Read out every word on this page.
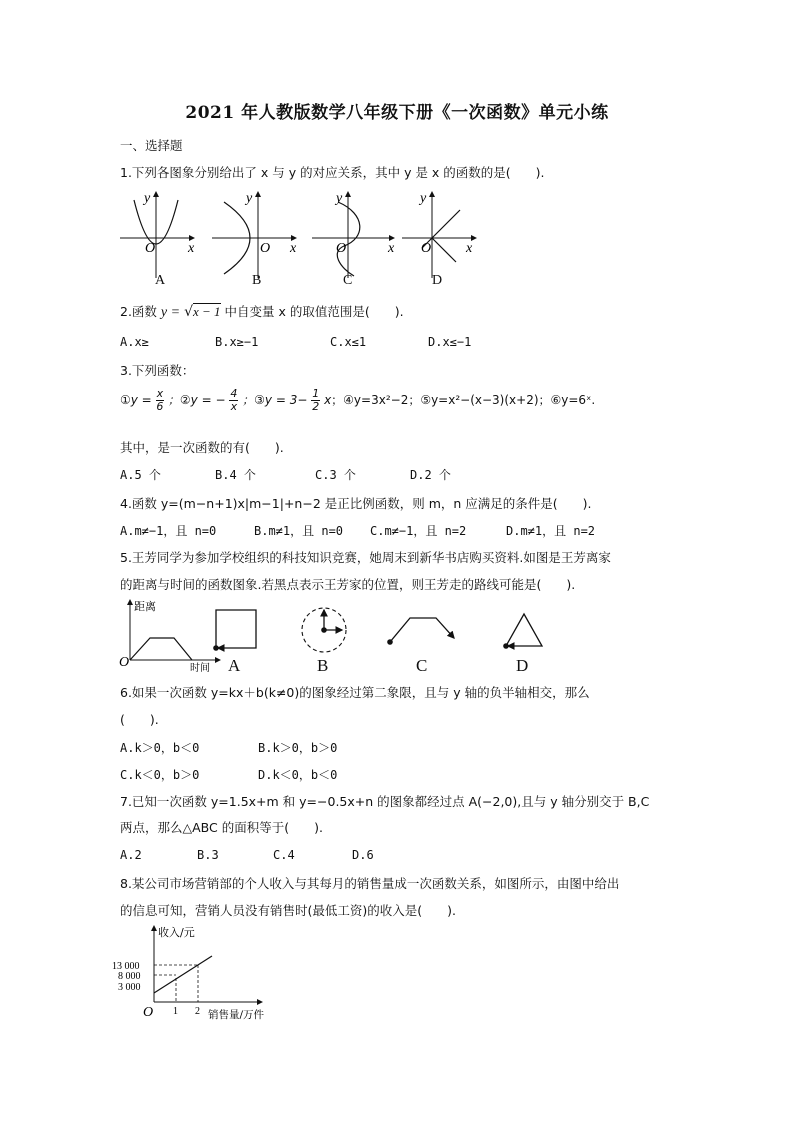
2021 年人教版数学八年级下册《一次函数》单元小练
一、选择题
1.下列各图象分别给出了 x 与 y 的对应关系，其中 y 是 x 的函数的是(　　).
y
x
O
y
x
O
y
x
O
y
x
O
A	B	C	D
2.函数 y = √x − 1 中自变量 x 的取值范围是(　　).
A.x≥	B.x≥−1	C.x≤1	D.x≤−1
3.下列函数：
①y = $\frac{x}{6}$ ；②y = − $\frac{4}{x}$ ；③y = $3- \frac{1}{2}$ x；④y=3x²−2；⑤y=x²−(x−3)(x+2)；⑥y=6ˣ.
其中，是一次函数的有(　　).
A.5 个	B.4 个	C.3 个	D.2 个
4.函数 y=(m−n+1)x|m−1|+n−2 是正比例函数，则 m，n 应满足的条件是(　　).
A.m≠−1，且 n=0	B.m≠1，且 n=0 C.m≠−1，且 n=2	D.m≠1，且 n=2
5.王芳同学为参加学校组织的科技知识竞赛，她周末到新华书店购买资料.如图是王芳离家
的距离与时间的函数图象.若黑点表示王芳家的位置，则王芳走的路线可能是(　　).
距离
时间
O	A	B	C	D
6.如果一次函数 y=kx＋b(k≠0)的图象经过第二象限，且与 y 轴的负半轴相交，那么
(　　).
A.k＞0，b＜0	B.k＞0，b＞0
C.k＜0，b＞0	D.k＜0，b＜0
7.已知一次函数 y=1.5x+m 和 y=−0.5x+n 的图象都经过点 A(−2,0),且与 y 轴分别交于 B,C
两点，那么△ABC 的面积等于(　　).
A.2	B.3	C.4	D.6
8.某公司市场营销部的个人收入与其每月的销售量成一次函数关系，如图所示，由图中给出
的信息可知，营销人员没有销售时(最低工资)的收入是(　　).
收入/元
13 000
8 000
3 000
O 1 2 销售量/万件
